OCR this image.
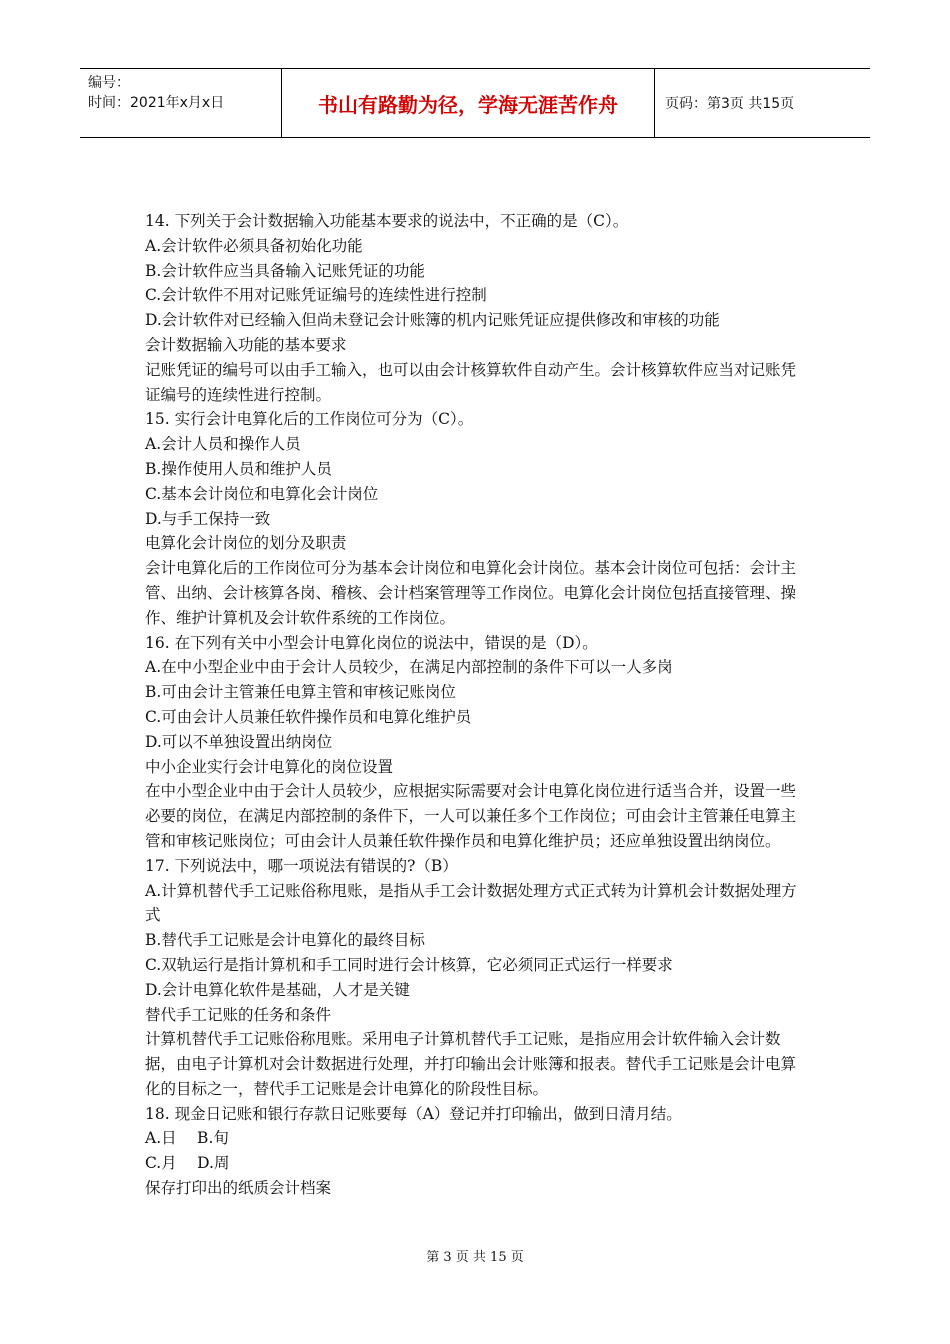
编号：
时间：2021年x月x日	书山有路勤为径，学海无涯苦作舟	页码：第3页 共15页

14. 下列关于会计数据输入功能基本要求的说法中，不正确的是（C）。

A.会计软件必须具备初始化功能

B.会计软件应当具备输入记账凭证的功能

C.会计软件不用对记账凭证编号的连续性进行控制

D.会计软件对已经输入但尚未登记会计账簿的机内记账凭证应提供修改和审核的功能

会计数据输入功能的基本要求

记账凭证的编号可以由手工输入，也可以由会计核算软件自动产生。会计核算软件应当对记账凭证编号的连续性进行控制。

15. 实行会计电算化后的工作岗位可分为（C）。

A.会计人员和操作人员

B.操作使用人员和维护人员

C.基本会计岗位和电算化会计岗位

D.与手工保持一致

电算化会计岗位的划分及职责

会计电算化后的工作岗位可分为基本会计岗位和电算化会计岗位。基本会计岗位可包括：会计主管、出纳、会计核算各岗、稽核、会计档案管理等工作岗位。电算化会计岗位包括直接管理、操作、维护计算机及会计软件系统的工作岗位。

16. 在下列有关中小型会计电算化岗位的说法中，错误的是（D）。

A.在中小型企业中由于会计人员较少，在满足内部控制的条件下可以一人多岗

B.可由会计主管兼任电算主管和审核记账岗位

C.可由会计人员兼任软件操作员和电算化维护员

D.可以不单独设置出纳岗位

中小企业实行会计电算化的岗位设置

在中小型企业中由于会计人员较少，应根据实际需要对会计电算化岗位进行适当合并，设置一些必要的岗位，在满足内部控制的条件下，一人可以兼任多个工作岗位；可由会计主管兼任电算主管和审核记账岗位；可由会计人员兼任软件操作员和电算化维护员；还应单独设置出纳岗位。

17. 下列说法中，哪一项说法有错误的?（B）

A.计算机替代手工记账俗称甩账，是指从手工会计数据处理方式正式转为计算机会计数据处理方式

B.替代手工记账是会计电算化的最终目标

C.双轨运行是指计算机和手工同时进行会计核算，它必须同正式运行一样要求

D.会计电算化软件是基础，人才是关键

替代手工记账的任务和条件

计算机替代手工记账俗称甩账。采用电子计算机替代手工记账，是指应用会计软件输入会计数据，由电子计算机对会计数据进行处理，并打印输出会计账簿和报表。替代手工记账是会计电算化的目标之一，替代手工记账是会计电算化的阶段性目标。

18. 现金日记账和银行存款日记账要每（A）登记并打印输出，做到日清月结。

A.日　 B.旬

C.月　 D.周

保存打印出的纸质会计档案

第 3 页 共 15 页
